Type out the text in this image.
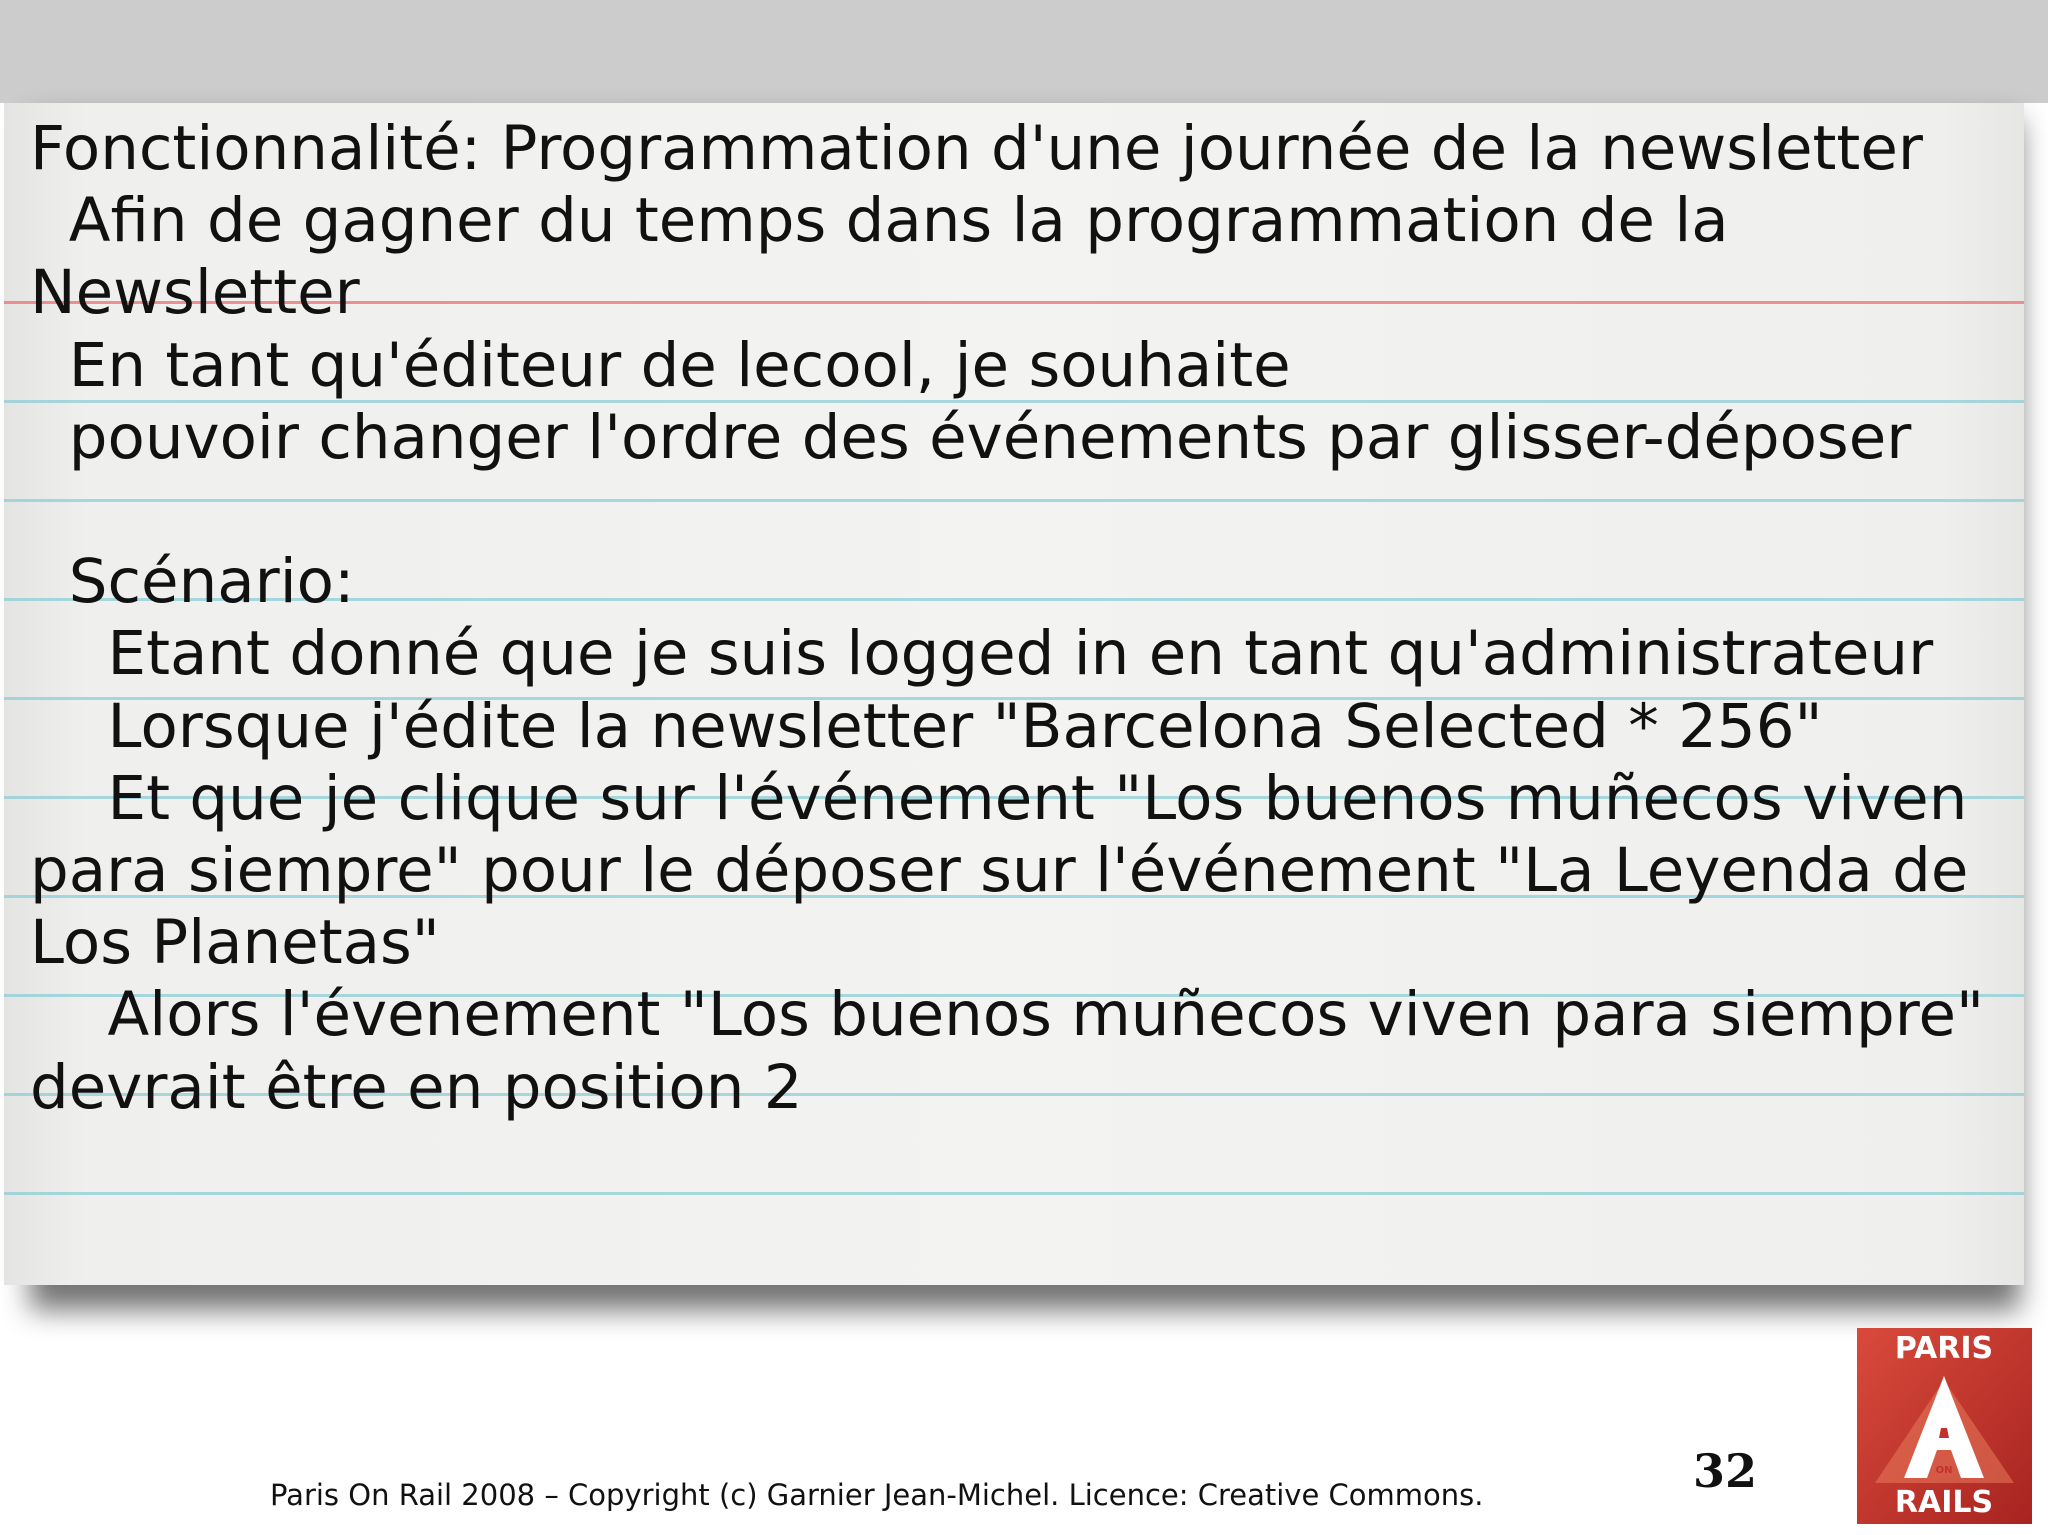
Fonctionnalité: Programmation d'une journée de la newsletter
Afin de gagner du temps dans la programmation de la
Newsletter
En tant qu'éditeur de lecool, je souhaite
pouvoir changer l'ordre des événements par glisser-déposer

Scénario:
Etant donné que je suis logged in en tant qu'administrateur
Lorsque j'édite la newsletter "Barcelona Selected * 256"
Et que je clique sur l'événement "Los buenos muñecos viven
para siempre" pour le déposer sur l'événement "La Leyenda de
Los Planetas"
Alors l'évenement "Los buenos muñecos viven para siempre"
devrait être en position 2
Paris On Rail 2008 – Copyright (c) Garnier Jean-Michel. Licence: Creative Commons.	32
PARIS
ON
RAILS
